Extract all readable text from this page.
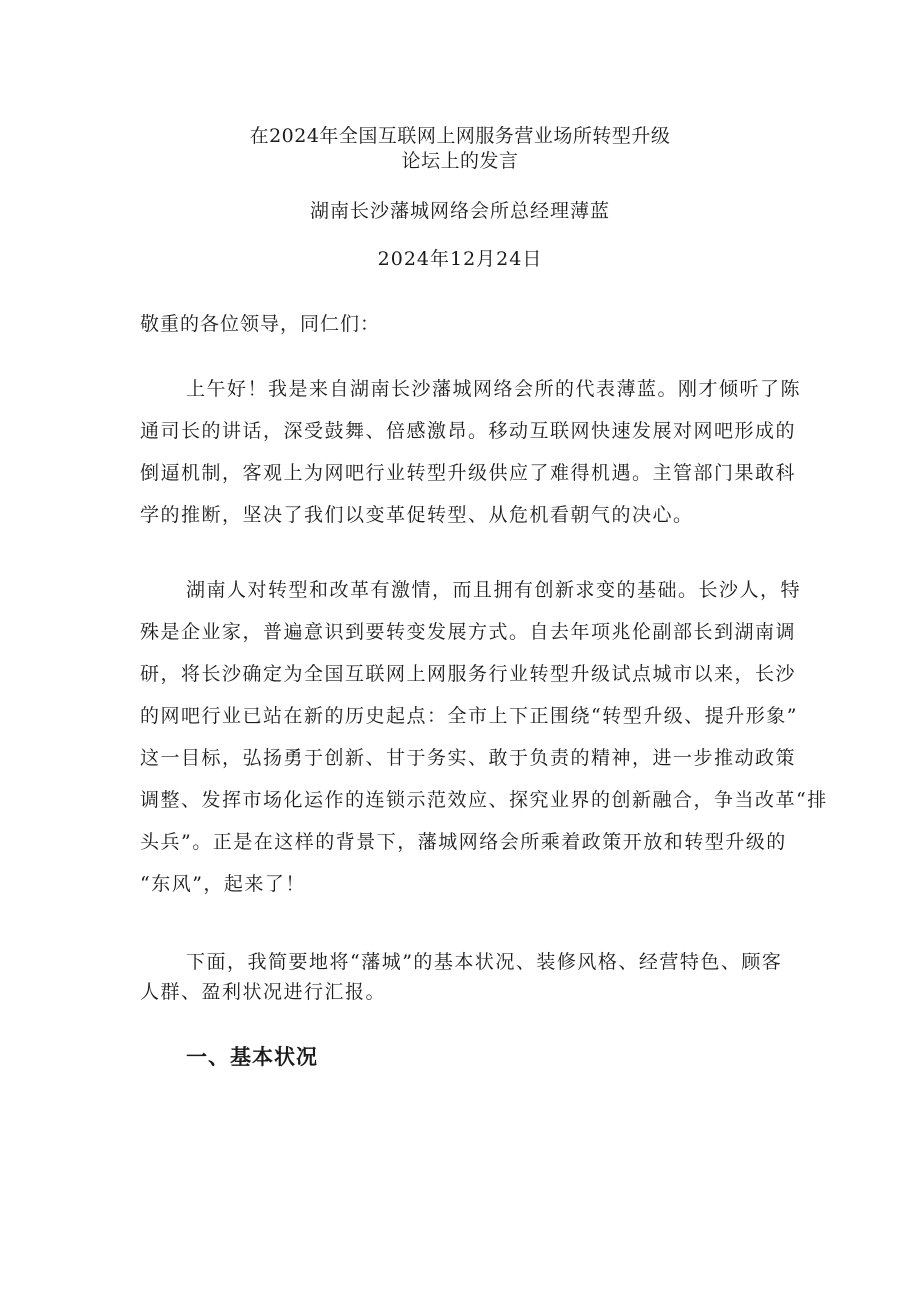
在2024年全国互联网上网服务营业场所转型升级
论坛上的发言
湖南长沙藩城网络会所总经理薄蓝
2024年12月24日
敬重的各位领导，同仁们：
上午好！我是来自湖南长沙藩城网络会所的代表薄蓝。刚才倾听了陈
通司长的讲话，深受鼓舞、倍感激昂。移动互联网快速发展对网吧形成的
倒逼机制，客观上为网吧行业转型升级供应了难得机遇。主管部门果敢科
学的推断，坚决了我们以变革促转型、从危机看朝气的决心。
湖南人对转型和改革有激情，而且拥有创新求变的基础。长沙人，特
殊是企业家，普遍意识到要转变发展方式。自去年项兆伦副部长到湖南调
研，将长沙确定为全国互联网上网服务行业转型升级试点城市以来，长沙
的网吧行业已站在新的历史起点：全市上下正围绕“转型升级、提升形象”
这一目标，弘扬勇于创新、甘于务实、敢于负责的精神，进一步推动政策
调整、发挥市场化运作的连锁示范效应、探究业界的创新融合，争当改革“排
头兵”。正是在这样的背景下，藩城网络会所乘着政策开放和转型升级的
“东风”，起来了！
下面，我简要地将“藩城”的基本状况、装修风格、经营特色、顾客
人群、盈利状况进行汇报。
一、基本状况
